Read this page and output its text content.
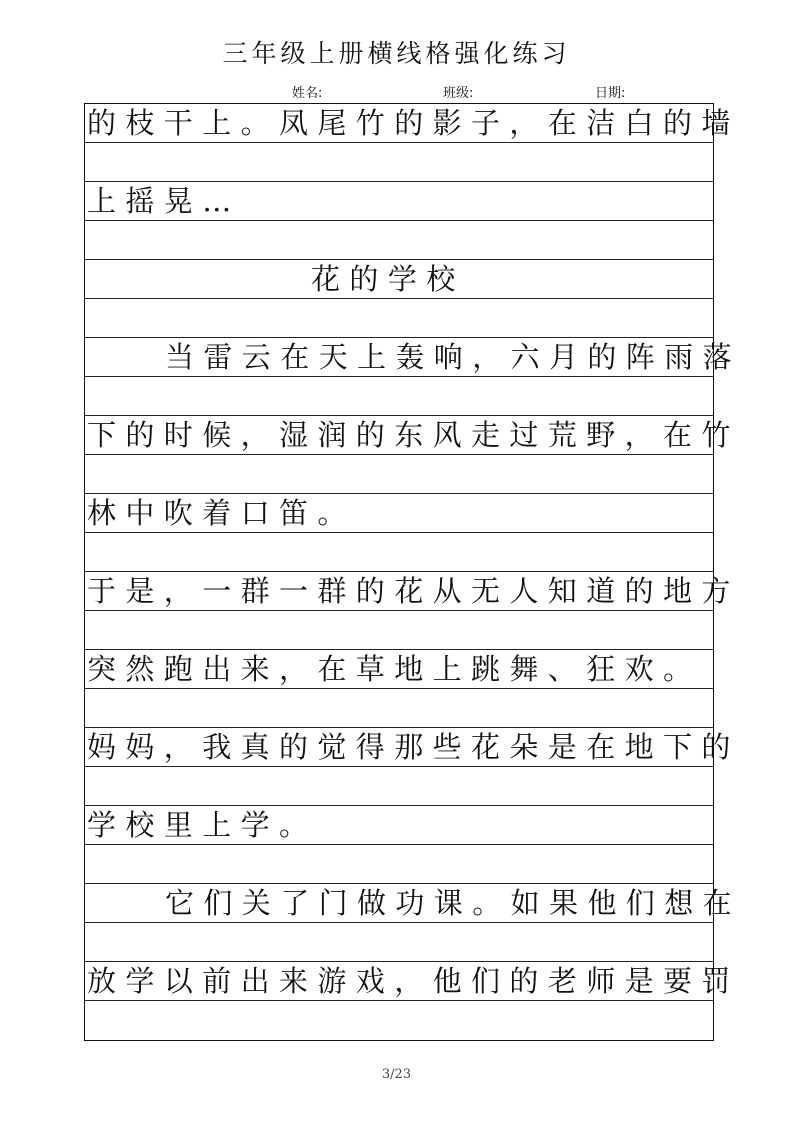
三年级上册横线格强化练习
姓名:	班级:	日期:
的枝干上。凤尾竹的影子，在洁白的墙
上摇晃…
花的学校
当雷云在天上轰响，六月的阵雨落
下的时候，湿润的东风走过荒野，在竹
林中吹着口笛。
于是，一群一群的花从无人知道的地方
突然跑出来，在草地上跳舞、狂欢。
妈妈，我真的觉得那些花朵是在地下的
学校里上学。
它们关了门做功课。如果他们想在
放学以前出来游戏，他们的老师是要罚
3/23
